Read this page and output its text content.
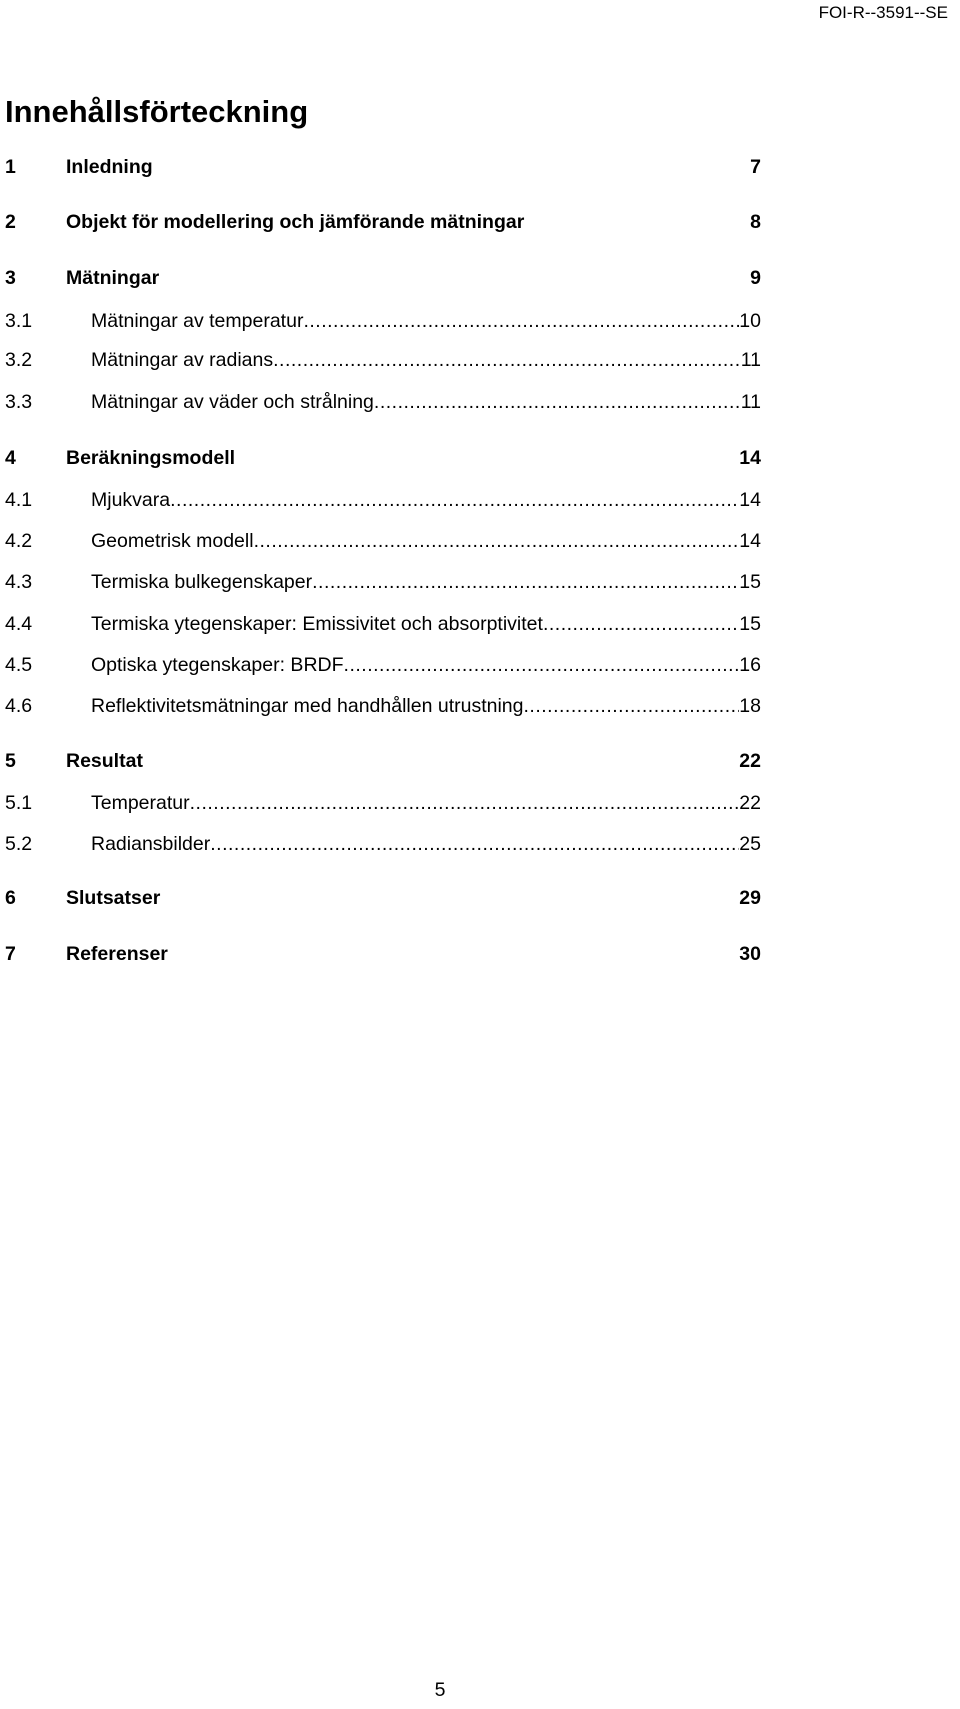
FOI-R--3591--SE
Innehållsförteckning
1	Inledning	7
2	Objekt för modellering och jämförande mätningar	8
3	Mätningar	9
3.1	Mätningar av temperatur .....	10
3.2	Mätningar av radians .....	11
3.3	Mätningar av väder och strålning .....	11
4	Beräkningsmodell	14
4.1	Mjukvara .....	14
4.2	Geometrisk modell .....	14
4.3	Termiska bulkegenskaper .....	15
4.4	Termiska ytegenskaper: Emissivitet och absorptivitet .....	15
4.5	Optiska ytegenskaper: BRDF .....	16
4.6	Reflektivitetsmätningar med handhållen utrustning .....	18
5	Resultat	22
5.1	Temperatur .....	22
5.2	Radiansbilder .....	25
6	Slutsatser	29
7	Referenser	30
5
